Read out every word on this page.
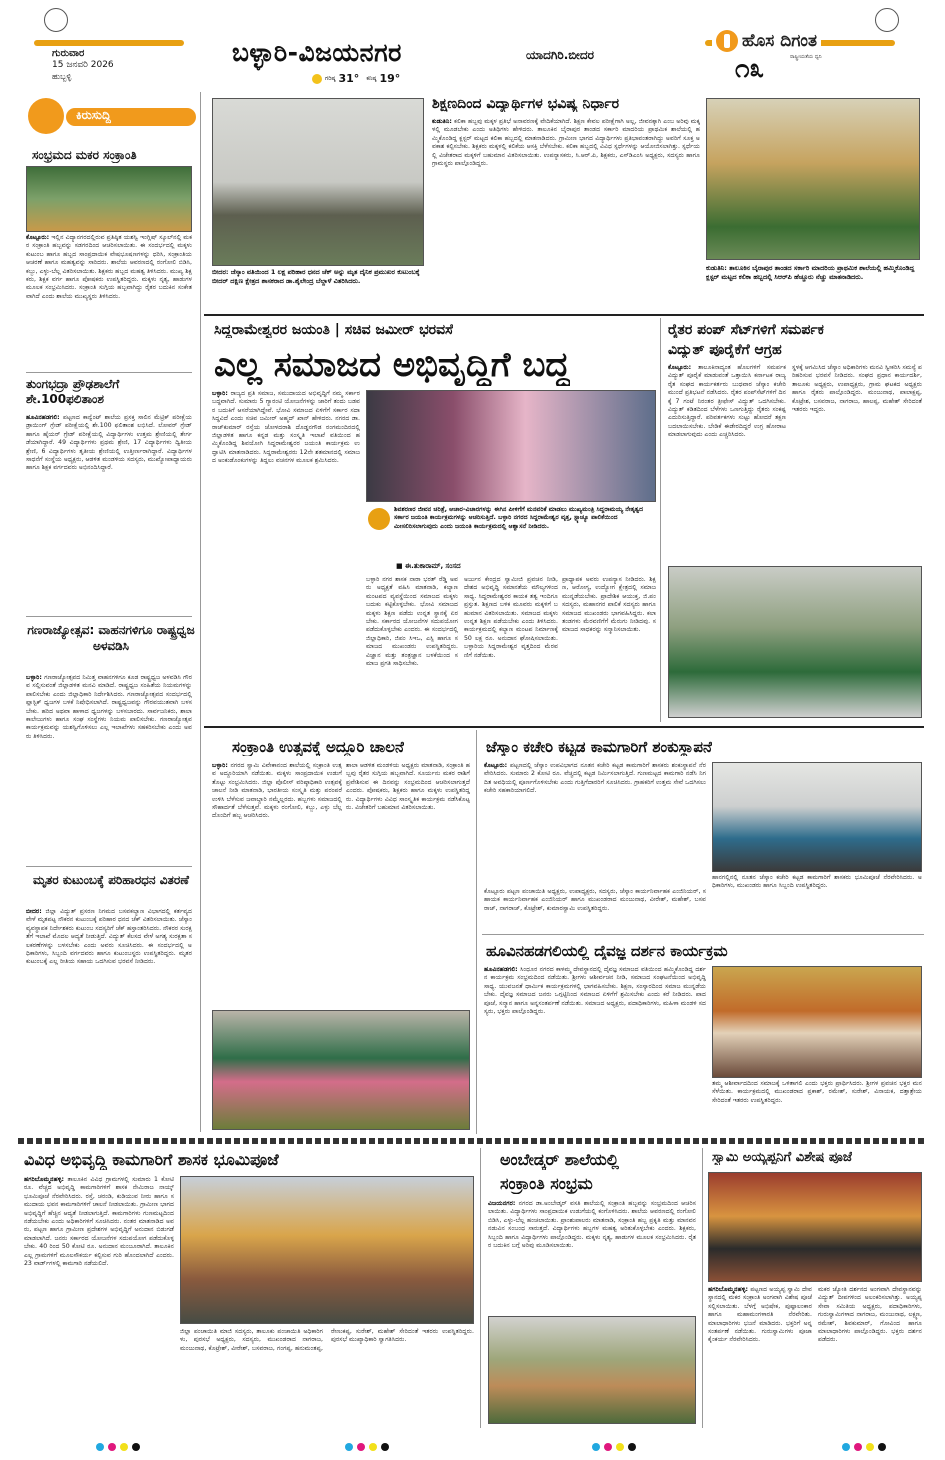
ಗುರುವಾರ
15 ಜನವರಿ 2026
ಹುಬ್ಬಳ್ಳಿ
ಬಳ್ಳಾರಿ-ವಿಜಯನಗರ	ಯಾದಗಿರಿ.ಬೀದರ
ಗರಿಷ್ಠ 31° ಕನಿಷ್ಠ 19°
ಹೊಸ ದಿಗಂತ
ರಾಷ್ಟ್ರೀಯತೆಯ ಧ್ವನಿ
೧೩
ಕಿರುಸುದ್ದಿ
ಸಂಭ್ರಮದ ಮಕರ ಸಂಕ್ರಾಂತಿ
ಕೊಟ್ಟೂರು: ಇಲ್ಲಿನ ವಿದ್ಯಾನಗರದಲ್ಲಿರುವ ಪ್ರತಿಷ್ಠಿತ ಯಶಸ್ವಿ ಇಂಗ್ಲಿಷ್ ಸ್ಕೂಲ್‌ನಲ್ಲಿ ಮಕರ ಸಂಕ್ರಾಂತಿ ಹಬ್ಬವನ್ನು ಸಡಗರದಿಂದ ಆಚರಿಸಲಾಯಿತು. ಈ ಸಂದರ್ಭದಲ್ಲಿ ಮಕ್ಕಳು ಕುಟುಂಬ ಹಾಗೂ ಹಬ್ಬದ ಸಾಂಪ್ರದಾಯಿಕ ವೇಷಭೂಷಣಗಳನ್ನು ಧರಿಸಿ, ಸಂಕ್ರಾಂತಿಯ ಆಚರಣೆ ಹಾಗೂ ಮಹತ್ವವನ್ನು ಸಾರಿದರು. ಶಾಲೆಯ ಆವರಣದಲ್ಲಿ ರಂಗೋಲಿ ಬಿಡಿಸಿ, ಕಬ್ಬು, ಎಳ್ಳು-ಬೆಲ್ಲ ವಿತರಿಸಲಾಯಿತು. ಶಿಕ್ಷಕರು ಹಬ್ಬದ ಮಹತ್ವ ತಿಳಿಸಿದರು. ಮುಖ್ಯ ಶಿಕ್ಷಕರು, ಶಿಕ್ಷಕ ವರ್ಗ ಹಾಗೂ ಪೋಷಕರು ಉಪಸ್ಥಿತರಿದ್ದರು. ಮಕ್ಕಳು ನೃತ್ಯ, ಹಾಡುಗಳ ಮೂಲಕ ಸಂಭ್ರಮಿಸಿದರು. ಸಂಕ್ರಾಂತಿ ಸುಗ್ಗಿಯ ಹಬ್ಬವಾಗಿದ್ದು ರೈತರ ಬದುಕಿನ ಸಂಕೇತವಾಗಿದೆ ಎಂದು ಶಾಲೆಯ ಮುಖ್ಯಸ್ಥರು ತಿಳಿಸಿದರು.
ತುಂಗಭದ್ರಾ ಪ್ರೌಢಶಾಲೆಗೆ ಶೇ.100ಫಲಿತಾಂಶ
ಹೂವಿನಹಡಗಲಿ: ಪಟ್ಟಣದ ಕಾನ್ವೆಂಟ್ ಶಾಲೆಯ ಪ್ರಸಕ್ತ ಸಾಲಿನ ಮೆಟ್ರಿಕ್ ಪರೀಕ್ಷೆಯ ಡ್ರಾಯಿಂಗ್ ಗ್ರೇಡ್ ಪರೀಕ್ಷೆಯಲ್ಲಿ ಶೇ.100 ಫಲಿತಾಂಶ ಲಭಿಸಿದೆ. ಲೋವರ್ ಗ್ರೇಡ್ ಹಾಗೂ ಹೈಯರ್ ಗ್ರೇಡ್ ಪರೀಕ್ಷೆಯಲ್ಲಿ ವಿದ್ಯಾರ್ಥಿಗಳು ಉತ್ತಮ ಶ್ರೇಣಿಯಲ್ಲಿ ತೇರ್ಗಡೆಯಾಗಿದ್ದಾರೆ. 49 ವಿದ್ಯಾರ್ಥಿಗಳು ಪ್ರಥಮ ಶ್ರೇಣಿ, 17 ವಿದ್ಯಾರ್ಥಿಗಳು ದ್ವಿತೀಯ ಶ್ರೇಣಿ, 6 ವಿದ್ಯಾರ್ಥಿಗಳು ತೃತೀಯ ಶ್ರೇಣಿಯಲ್ಲಿ ಉತ್ತೀರ್ಣರಾಗಿದ್ದಾರೆ. ವಿದ್ಯಾರ್ಥಿಗಳ ಸಾಧನೆಗೆ ಸಂಸ್ಥೆಯ ಅಧ್ಯಕ್ಷರು, ಆಡಳಿತ ಮಂಡಳಿಯ ಸದಸ್ಯರು, ಮುಖ್ಯೋಪಾಧ್ಯಾಯರು ಹಾಗೂ ಶಿಕ್ಷಕ ವರ್ಗದವರು ಅಭಿನಂದಿಸಿದ್ದಾರೆ.
ಗಣರಾಜ್ಯೋತ್ಸವ: ವಾಹನಗಳಿಗೂ ರಾಷ್ಟ್ರಧ್ವಜ ಅಳವಡಿಸಿ
ಬಳ್ಳಾರಿ: ಗಣರಾಜ್ಯೋತ್ಸವದ ನಿಮಿತ್ತ ವಾಹನಗಳಿಗೂ ಕೂಡ ರಾಷ್ಟ್ರಧ್ವಜ ಅಳವಡಿಸಿ ಗೌರವ ಸಲ್ಲಿಸುವಂತೆ ಜಿಲ್ಲಾಡಳಿತ ಮನವಿ ಮಾಡಿದೆ. ರಾಷ್ಟ್ರಧ್ವಜ ಸಂಹಿತೆಯ ನಿಯಮಗಳನ್ನು ಪಾಲಿಸಬೇಕು ಎಂದು ಜಿಲ್ಲಾಧಿಕಾರಿ ನಿರ್ದೇಶಿಸಿದರು. ಗಣರಾಜ್ಯೋತ್ಸವದ ಸಂದರ್ಭದಲ್ಲಿ ಪ್ಲಾಸ್ಟಿಕ್ ಧ್ವಜಗಳ ಬಳಕೆ ನಿಷೇಧಿಸಲಾಗಿದೆ. ರಾಷ್ಟ್ರಧ್ವಜವನ್ನು ಗೌರವಯುತವಾಗಿ ಬಳಸಬೇಕು. ಹರಿದ ಅಥವಾ ಹಾಳಾದ ಧ್ವಜಗಳನ್ನು ಬಳಸಬಾರದು. ಸಾರ್ವಜನಿಕರು, ಶಾಲಾ ಕಾಲೇಜುಗಳು ಹಾಗೂ ಸಂಘ ಸಂಸ್ಥೆಗಳು ನಿಯಮ ಪಾಲಿಸಬೇಕು. ಗಣರಾಜ್ಯೋತ್ಸವ ಕಾರ್ಯಕ್ರಮವನ್ನು ಯಶಸ್ವಿಗೊಳಿಸಲು ಎಲ್ಲ ಇಲಾಖೆಗಳು ಸಹಕರಿಸಬೇಕು ಎಂದು ಅವರು ತಿಳಿಸಿದರು.
ಮೃತರ ಕುಟುಂಬಕ್ಕೆ ಪರಿಹಾರಧನ ವಿತರಣೆ
ಬೀದರ: ಜಿಲ್ಲಾ ವಿದ್ಯುತ್ ಪ್ರಸರಣ ನಿಗಮದ ಬಸವಕಲ್ಯಾಣ ವಿಭಾಗದಲ್ಲಿ ಕರ್ತವ್ಯದ ವೇಳೆ ಮೃತಪಟ್ಟ ನೌಕರನ ಕುಟುಂಬಕ್ಕೆ ಪರಿಹಾರ ಧನದ ಚೆಕ್ ವಿತರಿಸಲಾಯಿತು. ಜೆಸ್ಕಾಂ ವ್ಯವಸ್ಥಾಪಕ ನಿರ್ದೇಶಕರು ಕುಟುಂಬ ಸದಸ್ಯರಿಗೆ ಚೆಕ್ ಹಸ್ತಾಂತರಿಸಿದರು. ನೌಕರರ ಸುರಕ್ಷತೆಗೆ ಇಲಾಖೆ ಮೊದಲ ಆದ್ಯತೆ ನೀಡುತ್ತಿದೆ. ವಿದ್ಯುತ್ ಕೆಲಸದ ವೇಳೆ ಅಗತ್ಯ ಸುರಕ್ಷತಾ ಸಲಕರಣೆಗಳನ್ನು ಬಳಸಬೇಕು ಎಂದು ಅವರು ಸೂಚಿಸಿದರು. ಈ ಸಂದರ್ಭದಲ್ಲಿ ಅಧಿಕಾರಿಗಳು, ಸಿಬ್ಬಂದಿ ವರ್ಗದವರು ಹಾಗೂ ಕುಟುಂಬಸ್ಥರು ಉಪಸ್ಥಿತರಿದ್ದರು. ಮೃತರ ಕುಟುಂಬಕ್ಕೆ ಎಲ್ಲ ರೀತಿಯ ಸಹಾಯ ಒದಗಿಸುವ ಭರವಸೆ ನೀಡಿದರು.
ಬೀದರ: ಜೆಸ್ಕಾಂ ವತಿಯಿಂದ 1 ಲಕ್ಷ ಪರಿಹಾರ ಧನದ ಚೆಕ್ ಅನ್ನು ಮೃತ ದೈನಿಕ ಪ್ರಮುಖರ ಕುಟುಂಬಕ್ಕೆ ಬೀದರ್ ದಕ್ಷಿಣ ಕ್ಷೇತ್ರದ ಶಾಸಕರಾದ ಡಾ.ಶೈಲೇಂದ್ರ ಬೆಲ್ದಾಳೆ ವಿತರಿಸಿದರು.
ಶಿಕ್ಷಣದಿಂದ ವಿದ್ಯಾರ್ಥಿಗಳ ಭವಿಷ್ಯ ನಿರ್ಧಾರ
ಕುಡುತಿನಿ: ಕಲಿಕಾ ಹಬ್ಬವು ಮಕ್ಕಳ ಪ್ರತಿಭೆ ಅನಾವರಣಕ್ಕೆ ವೇದಿಕೆಯಾಗಿದೆ. ಶಿಕ್ಷಣ ಕೇವಲ ಪರೀಕ್ಷೆಗಾಗಿ ಅಲ್ಲ, ಜೀವನಕ್ಕಾಗಿ ಎಂಬ ಅರಿವು ಮಕ್ಕಳಲ್ಲಿ ಮೂಡಬೇಕು ಎಂದು ಅತಿಥಿಗಳು ಹೇಳಿದರು. ತಾಲೂಕಿನ ಬೈರಾಪುರ ತಾಂಡದ ಸರ್ಕಾರಿ ಮಾದರಿಯ ಪ್ರಾಥಮಿಕ ಶಾಲೆಯಲ್ಲಿ ಹಮ್ಮಿಕೊಂಡಿದ್ದ ಕ್ಲಸ್ಟರ್ ಮಟ್ಟದ ಕಲಿಕಾ ಹಬ್ಬದಲ್ಲಿ ಮಾತನಾಡಿದರು. ಗ್ರಾಮೀಣ ಭಾಗದ ವಿದ್ಯಾರ್ಥಿಗಳು ಪ್ರತಿಭಾವಂತರಾಗಿದ್ದು ಅವರಿಗೆ ಸೂಕ್ತ ಅವಕಾಶ ಕಲ್ಪಿಸಬೇಕು. ಶಿಕ್ಷಕರು ಮಕ್ಕಳಲ್ಲಿ ಕಲಿಕೆಯ ಆಸಕ್ತಿ ಬೆಳೆಸಬೇಕು. ಕಲಿಕಾ ಹಬ್ಬದಲ್ಲಿ ವಿವಿಧ ಸ್ಪರ್ಧೆಗಳನ್ನು ಆಯೋಜಿಸಲಾಗಿತ್ತು. ಸ್ಪರ್ಧೆಯಲ್ಲಿ ವಿಜೇತರಾದ ಮಕ್ಕಳಿಗೆ ಬಹುಮಾನ ವಿತರಿಸಲಾಯಿತು. ಉಪನ್ಯಾಸಕರು, ಸಿ.ಆರ್.ಪಿ, ಶಿಕ್ಷಕರು, ಎಸ್‌ಡಿಎಂಸಿ ಅಧ್ಯಕ್ಷರು, ಸದಸ್ಯರು ಹಾಗೂ ಗ್ರಾಮಸ್ಥರು ಪಾಲ್ಗೊಂಡಿದ್ದರು.
ಕುಡುತಿನಿ: ತಾಲೂಕಿನ ಬೈರಾಪುರ ತಾಂಡದ ಸರ್ಕಾರಿ ಮಾದರಿಯ ಪ್ರಾಥಮಿಕ ಶಾಲೆಯಲ್ಲಿ ಹಮ್ಮಿಕೊಂಡಿದ್ದ ಕ್ಲಸ್ಟರ್ ಮಟ್ಟದ ಕಲಿಕಾ ಹಬ್ಬದಲ್ಲಿ ಸಿಆರ್‌ಪಿ ಹೆಚ್ಚೂರು ನೆಚ್ಚು ಮಾತನಾಡಿದರು.
ಸಿದ್ದರಾಮೇಶ್ವರರ ಜಯಂತಿ | ಸಚಿವ ಜಮೀರ್ ಭರವಸೆ
ಎಲ್ಲ ಸಮಾಜದ ಅಭಿವೃದ್ಧಿಗೆ ಬದ್ಧ
ಬಳ್ಳಾರಿ: ರಾಜ್ಯದ ಪ್ರತಿ ಸಮಾಜ, ಸಮುದಾಯದ ಅಭಿವೃದ್ಧಿಗೆ ನಮ್ಮ ಸರ್ಕಾರ ಬದ್ಧವಾಗಿದೆ. ಸುಮಾರು 5 ಗ್ಯಾರಂಟಿ ಯೋಜನೆಗಳನ್ನು ಜಾರಿಗೆ ತಂದು ಬಡವರ ಬದುಕಿಗೆ ಆಸರೆಯಾಗಿದ್ದೇವೆ. ಭೋವಿ ಸಮಾಜದ ಏಳಿಗೆಗೆ ಸರ್ಕಾರ ಸದಾ ಸಿದ್ಧವಿದೆ ಎಂದು ಸಚಿವ ಜಮೀರ್ ಅಹ್ಮದ್ ಖಾನ್ ಹೇಳಿದರು. ನಗರದ ಡಾ.ರಾಜ್‌ಕುಮಾರ್ ರಸ್ತೆಯ ಜೋಳದರಾಶಿ ದೊಡ್ಡನಗೌಡ ರಂಗಮಂದಿರದಲ್ಲಿ ಜಿಲ್ಲಾಡಳಿತ ಹಾಗೂ ಕನ್ನಡ ಮತ್ತು ಸಂಸ್ಕೃತಿ ಇಲಾಖೆ ವತಿಯಿಂದ ಹಮ್ಮಿಕೊಂಡಿದ್ದ ಶಿವಯೋಗಿ ಸಿದ್ದರಾಮೇಶ್ವರರ ಜಯಂತಿ ಕಾರ್ಯಕ್ರಮ ಉದ್ಘಾಟಿಸಿ ಮಾತನಾಡಿದರು. ಸಿದ್ದರಾಮೇಶ್ವರರು 12ನೇ ಶತಮಾನದಲ್ಲಿ ಸಮಾಜದ ಅಂಕುಡೊಂಕುಗಳನ್ನು ತಿದ್ದಲು ವಚನಗಳ ಮೂಲಕ ಶ್ರಮಿಸಿದರು.
ಶಿವಶರಣರ ಜೀವನ ಚರಿತ್ರೆ, ಆಚಾರ-ವಿಚಾರಗಳನ್ನು ಈಗಿನ ಪೀಳಿಗೆಗೆ ಮನವರಿಕೆ ಮಾಡಲು ಮುಖ್ಯಮಂತ್ರಿ ಸಿದ್ದರಾಮಯ್ಯ ನೇತೃತ್ವದ ಸರ್ಕಾರ ಜಯಂತಿ ಕಾರ್ಯಕ್ರಮಗಳನ್ನು ಆಚರಿಸುತ್ತಿದೆ. ಬಳ್ಳಾರಿ ನಗರದ ಸಿದ್ದರಾಮೇಶ್ವರ ವೃತ್ತ, ಸ್ಟ್ಯಾಚ್ಯೂ ಪಾಲಿಕೆಯಿಂದ ಮೀಸಲಿರಿಸಲಾಗುವುದು ಎಂದು ಜಯಂತಿ ಕಾರ್ಯಕ್ರಮದಲ್ಲಿ ಆಶ್ವಾಸನೆ ನೀಡಿದರು.
■ ಈ.ತುಕಾರಾಮ್, ಸಂಸದ
ಬಳ್ಳಾರಿ ನಗರ ಶಾಸಕ ನಾರಾ ಭರತ್ ರೆಡ್ಡಿ ಅವರು ಅಧ್ಯಕ್ಷತೆ ವಹಿಸಿ ಮಾತನಾಡಿ, ಕಲ್ಯಾಣ ಮಂಟಪದ ವ್ಯವಸ್ಥೆಯಿಂದ ಸಮಾಜದ ಮಕ್ಕಳು ಬದುಕು ಕಟ್ಟಿಕೊಳ್ಳಬೇಕು. ಭೋವಿ ಸಮಾಜದ ಮಕ್ಕಳು ಶಿಕ್ಷಣ ಪಡೆದು ಉನ್ನತ ಸ್ಥಾನಕ್ಕೆ ಏರಬೇಕು. ಸರ್ಕಾರದ ಯೋಜನೆಗಳ ಸದುಪಯೋಗ ಪಡೆದುಕೊಳ್ಳಬೇಕು ಎಂದರು. ಈ ಸಂದರ್ಭದಲ್ಲಿ ಜಿಲ್ಲಾಧಿಕಾರಿ, ಜಿಪಂ ಸಿಇಒ, ಎಸ್ಪಿ ಹಾಗೂ ಸಮಾಜದ ಮುಖಂಡರು ಉಪಸ್ಥಿತರಿದ್ದರು. ವಿಜ್ಞಾನ ಮತ್ತು ತಂತ್ರಜ್ಞಾನ ಬಳಕೆಯಿಂದ ಸಮಾಜ ಪ್ರಗತಿ ಸಾಧಿಸಬೇಕು.
ಅರ್ಜುನ ಕೇಂದ್ರದ ಸ್ವಾಮೀಜಿ ಪ್ರವಚನ ನೀಡಿ, ದೇಶದ ಅಭಿವೃದ್ಧಿ ಸಮಾನತೆಯ ಮೌಲ್ಯಗಳಿಂದ ಸಾಧ್ಯ. ಸಿದ್ದರಾಮೇಶ್ವರರ ಕಾಯಕ ತತ್ವ ಇಂದಿಗೂ ಪ್ರಸ್ತುತ. ಶಿಕ್ಷಣದ ಬಳಿಕ ಮೂವರು ಮಕ್ಕಳಿಗೆ ಬಹುಮಾನ ವಿತರಿಸಲಾಯಿತು. ಸಮಾಜದ ಮಕ್ಕಳು ಉನ್ನತ ಶಿಕ್ಷಣ ಪಡೆಯಬೇಕು ಎಂದು ತಿಳಿಸಿದರು. ಕಾರ್ಯಕ್ರಮದಲ್ಲಿ ಕಲ್ಯಾಣ ಮಂಟಪ ನಿರ್ಮಾಣಕ್ಕೆ 50 ಲಕ್ಷ ರೂ. ಅನುದಾನ ಘೋಷಿಸಲಾಯಿತು. ಬಳ್ಳಾರಿಯ ಸಿದ್ದರಾಮೇಶ್ವರ ವೃತ್ತದಿಂದ ಮೆರವಣಿಗೆ ನಡೆಯಿತು.
ಪ್ರಾಧ್ಯಾಪಕ ಅವರು ಉಪನ್ಯಾಸ ನೀಡಿದರು. ಶಿಕ್ಷಣ, ಆರೋಗ್ಯ, ಉದ್ಯೋಗ ಕ್ಷೇತ್ರದಲ್ಲಿ ಸಮಾಜ ಮುನ್ನಡೆಯಬೇಕು. ಪ್ರಾದೇಶಿಕ ಆಯುಕ್ತ, ಜಿ.ಪಂ ಸದಸ್ಯರು, ಮಹಾನಗರ ಪಾಲಿಕೆ ಸದಸ್ಯರು ಹಾಗೂ ಸಮಾಜದ ಮುಖಂಡರು ಭಾಗವಹಿಸಿದ್ದರು. ಕಲಾ ತಂಡಗಳು ಮೆರವಣಿಗೆಗೆ ಮೆರುಗು ನೀಡಿದವು. ಸಮಾಜದ ಸಾಧಕರನ್ನು ಸನ್ಮಾನಿಸಲಾಯಿತು.
ರೈತರ ಪಂಪ್ ಸೆಟ್‌ಗಳಿಗೆ ಸಮರ್ಪಕ
ವಿದ್ಯುತ್ ಪೂರೈಕೆಗೆ ಆಗ್ರಹ
ಕೊಟ್ಟೂರು: ತಾಲೂಕಿನಾದ್ಯಂತ ಹೊಲಗಳಿಗೆ ಸಮರ್ಪಕ ವಿದ್ಯುತ್ ಪೂರೈಕೆ ಮಾಡುವಂತೆ ಒತ್ತಾಯಿಸಿ ಕರ್ನಾಟಕ ರಾಜ್ಯ ರೈತ ಸಂಘದ ಕಾರ್ಯಕರ್ತರು ಬುಧವಾರ ಜೆಸ್ಕಾಂ ಕಚೇರಿ ಮುಂದೆ ಪ್ರತಿಭಟನೆ ನಡೆಸಿದರು. ರೈತರ ಪಂಪ್‌ಸೆಟ್‌ಗಳಿಗೆ ದಿನಕ್ಕೆ 7 ಗಂಟೆ ನಿರಂತರ ತ್ರೀಫೇಸ್ ವಿದ್ಯುತ್ ಒದಗಿಸಬೇಕು. ವಿದ್ಯುತ್ ಕಡಿತದಿಂದ ಬೆಳೆಗಳು ಒಣಗುತ್ತಿದ್ದು ರೈತರು ಸಂಕಷ್ಟ ಎದುರಿಸುತ್ತಿದ್ದಾರೆ. ಪರಿವರ್ತಕಗಳು ಸುಟ್ಟು ಹೋದರೆ ತಕ್ಷಣ ಬದಲಾಯಿಸಬೇಕು. ಬೇಡಿಕೆ ಈಡೇರದಿದ್ದರೆ ಉಗ್ರ ಹೋರಾಟ ಮಾಡಲಾಗುವುದು ಎಂದು ಎಚ್ಚರಿಸಿದರು.
ಸ್ಥಳಕ್ಕೆ ಆಗಮಿಸಿದ ಜೆಸ್ಕಾಂ ಅಧಿಕಾರಿಗಳು ಮನವಿ ಸ್ವೀಕರಿಸಿ ಸಮಸ್ಯೆ ಪರಿಹರಿಸುವ ಭರವಸೆ ನೀಡಿದರು. ಸಂಘದ ಪ್ರಧಾನ ಕಾರ್ಯದರ್ಶಿ, ತಾಲೂಕು ಅಧ್ಯಕ್ಷರು, ಉಪಾಧ್ಯಕ್ಷರು, ಗ್ರಾಮ ಘಟಕದ ಅಧ್ಯಕ್ಷರು ಹಾಗೂ ರೈತರು ಪಾಲ್ಗೊಂಡಿದ್ದರು. ಮಂಜುನಾಥ, ಪಾಲಾಕ್ಷಪ್ಪ, ಕೊಟ್ರೇಶ, ಬಸವರಾಜ, ನಾಗರಾಜ, ಹಾಲಪ್ಪ, ಮಹೇಶ್ ಸೇರಿದಂತೆ ಇತರರು ಇದ್ದರು.
ಸಂಕ್ರಾಂತಿ ಉತ್ಸವಕ್ಕೆ ಅದ್ದೂರಿ ಚಾಲನೆ
ಬಳ್ಳಾರಿ: ನಗರದ ಸ್ವಾಮಿ ವಿವೇಕಾನಂದ ಶಾಲೆಯಲ್ಲಿ ಸಂಕ್ರಾಂತಿ ಉತ್ಸವ ಅದ್ದೂರಿಯಾಗಿ ನಡೆಯಿತು. ಮಕ್ಕಳು ಸಾಂಪ್ರದಾಯಿಕ ಉಡುಗೆ ತೊಟ್ಟು ಸಂಭ್ರಮಿಸಿದರು. ಜಿಲ್ಲಾ ಪೊಲೀಸ್ ವರಿಷ್ಠಾಧಿಕಾರಿ ಉತ್ಸವಕ್ಕೆ ಚಾಲನೆ ನೀಡಿ ಮಾತನಾಡಿ, ಭಾರತೀಯ ಸಂಸ್ಕೃತಿ ಮತ್ತು ಪರಂಪರೆ ಉಳಿಸಿ ಬೆಳೆಸುವ ಜವಾಬ್ದಾರಿ ನಮ್ಮೆಲ್ಲರದು. ಹಬ್ಬಗಳು ಸಮಾಜದಲ್ಲಿ ಸೌಹಾರ್ದತೆ ಬೆಳೆಸುತ್ತವೆ. ಮಕ್ಕಳು ರಂಗೋಲಿ, ಕಬ್ಬು, ಎಳ್ಳು ಬೆಲ್ಲದೊಂದಿಗೆ ಹಬ್ಬ ಆಚರಿಸಿದರು.
ಶಾಲಾ ಆಡಳಿತ ಮಂಡಳಿಯ ಅಧ್ಯಕ್ಷರು ಮಾತನಾಡಿ, ಸಂಕ್ರಾಂತಿ ಹಬ್ಬವು ರೈತರ ಸುಗ್ಗಿಯ ಹಬ್ಬವಾಗಿದೆ. ಸೂರ್ಯನು ಮಕರ ರಾಶಿಗೆ ಪ್ರವೇಶಿಸುವ ಈ ದಿನವನ್ನು ಸಂಭ್ರಮದಿಂದ ಆಚರಿಸಲಾಗುತ್ತದೆ ಎಂದರು. ಪೋಷಕರು, ಶಿಕ್ಷಕರು ಹಾಗೂ ಮಕ್ಕಳು ಉಪಸ್ಥಿತರಿದ್ದರು. ವಿದ್ಯಾರ್ಥಿಗಳು ವಿವಿಧ ಸಾಂಸ್ಕೃತಿಕ ಕಾರ್ಯಕ್ರಮ ನಡೆಸಿಕೊಟ್ಟರು. ವಿಜೇತರಿಗೆ ಬಹುಮಾನ ವಿತರಿಸಲಾಯಿತು.
ಜೆಸ್ಕಾಂ ಕಚೇರಿ ಕಟ್ಟಡ ಕಾಮಗಾರಿಗೆ ಶಂಕುಸ್ಥಾಪನೆ
ಕೊಟ್ಟೂರು: ಪಟ್ಟಣದಲ್ಲಿ ಜೆಸ್ಕಾಂ ಉಪವಿಭಾಗದ ನೂತನ ಕಚೇರಿ ಕಟ್ಟಡ ಕಾಮಗಾರಿಗೆ ಶಾಸಕರು ಶಂಕುಸ್ಥಾಪನೆ ನೆರವೇರಿಸಿದರು. ಸುಮಾರು 2 ಕೋಟಿ ರೂ. ವೆಚ್ಚದಲ್ಲಿ ಕಟ್ಟಡ ನಿರ್ಮಿಸಲಾಗುತ್ತಿದೆ. ಗುಣಮಟ್ಟದ ಕಾಮಗಾರಿ ನಡೆಸಿ ನಿಗದಿತ ಅವಧಿಯಲ್ಲಿ ಪೂರ್ಣಗೊಳಿಸಬೇಕು ಎಂದು ಗುತ್ತಿಗೆದಾರರಿಗೆ ಸೂಚಿಸಿದರು. ಗ್ರಾಹಕರಿಗೆ ಉತ್ತಮ ಸೇವೆ ಒದಗಿಸಲು ಕಚೇರಿ ಸಹಕಾರಿಯಾಗಲಿದೆ.
ಹಾನಗಲ್ಲಿನಲ್ಲಿ ನೂತನ ಜೆಸ್ಕಾಂ ಕಚೇರಿ ಕಟ್ಟಡ ಕಾಮಗಾರಿಗೆ ಶಾಸಕರು ಭೂಮಿಪೂಜೆ ನೆರವೇರಿಸಿದರು. ಅಧಿಕಾರಿಗಳು, ಮುಖಂಡರು ಹಾಗೂ ಸಿಬ್ಬಂದಿ ಉಪಸ್ಥಿತರಿದ್ದರು.
ಕೊಟ್ಟೂರು ಪಟ್ಟಣ ಪಂಚಾಯಿತಿ ಅಧ್ಯಕ್ಷರು, ಉಪಾಧ್ಯಕ್ಷರು, ಸದಸ್ಯರು, ಜೆಸ್ಕಾಂ ಕಾರ್ಯನಿರ್ವಾಹಕ ಎಂಜಿನಿಯರ್, ಸಹಾಯಕ ಕಾರ್ಯನಿರ್ವಾಹಕ ಎಂಜಿನಿಯರ್ ಹಾಗೂ ಮುಖಂಡರಾದ ಮಂಜುನಾಥ, ವೀರೇಶ್, ಮಹೇಶ್, ಬಸವರಾಜ್, ನಾಗರಾಜ್, ಕೊಟ್ರೇಶ್, ಕುಮಾರಸ್ವಾಮಿ ಉಪಸ್ಥಿತರಿದ್ದರು.
ಹೂವಿನಹಡಗಲಿಯಲ್ಲಿ ದೈವಜ್ಞ ದರ್ಶನ ಕಾರ್ಯಕ್ರಮ
ಹೂವಿನಹಡಗಲಿ: ಸಿಂಧೂರ ನಗರದ ಕಾಳಮ್ಮ ದೇವಸ್ಥಾನದಲ್ಲಿ ದೈವಜ್ಞ ಸಮಾಜದ ವತಿಯಿಂದ ಹಮ್ಮಿಕೊಂಡಿದ್ದ ದರ್ಶನ ಕಾರ್ಯಕ್ರಮ ಸಂಭ್ರಮದಿಂದ ನಡೆಯಿತು. ಶ್ರೀಗಳು ಆಶೀರ್ವಚನ ನೀಡಿ, ಸಮಾಜದ ಸಂಘಟನೆಯಿಂದ ಅಭಿವೃದ್ಧಿ ಸಾಧ್ಯ. ಯುವಜನತೆ ಧಾರ್ಮಿಕ ಕಾರ್ಯಕ್ರಮಗಳಲ್ಲಿ ಭಾಗವಹಿಸಬೇಕು. ಶಿಕ್ಷಣ, ಸಂಸ್ಕಾರದಿಂದ ಸಮಾಜ ಮುನ್ನಡೆಯಬೇಕು. ದೈವಜ್ಞ ಸಮಾಜದ ಜನರು ಒಗ್ಗಟ್ಟಿನಿಂದ ಸಮಾಜದ ಏಳಿಗೆಗೆ ಶ್ರಮಿಸಬೇಕು ಎಂದು ಕರೆ ನೀಡಿದರು. ಪಾದಪೂಜೆ, ಸನ್ಮಾನ ಹಾಗೂ ಅನ್ನಸಂತರ್ಪಣೆ ನಡೆಯಿತು. ಸಮಾಜದ ಅಧ್ಯಕ್ಷರು, ಪದಾಧಿಕಾರಿಗಳು, ಮಹಿಳಾ ಮಂಡಳಿ ಸದಸ್ಯರು, ಭಕ್ತರು ಪಾಲ್ಗೊಂಡಿದ್ದರು.
ತಮ್ಮ ಆಶೀರ್ವಾದದಿಂದ ಸಮಾಜಕ್ಕೆ ಒಳಿತಾಗಲಿ ಎಂದು ಭಕ್ತರು ಪ್ರಾರ್ಥಿಸಿದರು. ಶ್ರೀಗಳ ಪ್ರವಚನ ಭಕ್ತರ ಮನ ಸೆಳೆಯಿತು. ಕಾರ್ಯಕ್ರಮದಲ್ಲಿ ಮುಖಂಡರಾದ ಪ್ರಕಾಶ್, ರಮೇಶ್, ಸುರೇಶ್, ವಿನಾಯಕ, ದತ್ತಾತ್ರೇಯ ಸೇರಿದಂತೆ ಇತರರು ಉಪಸ್ಥಿತರಿದ್ದರು.
ವಿವಿಧ ಅಭಿವೃದ್ಧಿ ಕಾಮಗಾರಿಗೆ ಶಾಸಕ ಭೂಮಿಪೂಜೆ
ಹಗರಿಬೊಮ್ಮನಹಳ್ಳಿ: ತಾಲೂಕಿನ ವಿವಿಧ ಗ್ರಾಮಗಳಲ್ಲಿ ಸುಮಾರು 1 ಕೋಟಿ ರೂ. ವೆಚ್ಚದ ಅಭಿವೃದ್ಧಿ ಕಾಮಗಾರಿಗಳಿಗೆ ಶಾಸಕ ನೇಮಿರಾಜ ನಾಯ್ಕ್ ಭೂಮಿಪೂಜೆ ನೆರವೇರಿಸಿದರು. ರಸ್ತೆ, ಚರಂಡಿ, ಕುಡಿಯುವ ನೀರು ಹಾಗೂ ಸಮುದಾಯ ಭವನ ಕಾಮಗಾರಿಗಳಿಗೆ ಚಾಲನೆ ನೀಡಲಾಯಿತು. ಗ್ರಾಮೀಣ ಭಾಗದ ಅಭಿವೃದ್ಧಿಗೆ ಹೆಚ್ಚಿನ ಆದ್ಯತೆ ನೀಡಲಾಗುತ್ತಿದೆ. ಕಾಮಗಾರಿಗಳು ಗುಣಮಟ್ಟದಿಂದ ನಡೆಯಬೇಕು ಎಂದು ಅಧಿಕಾರಿಗಳಿಗೆ ಸೂಚಿಸಿದರು. ನಂತರ ಮಾತನಾಡಿದ ಅವರು, ಪಟ್ಟಣ ಹಾಗೂ ಗ್ರಾಮೀಣ ಪ್ರದೇಶಗಳ ಅಭಿವೃದ್ಧಿಗೆ ಅನುದಾನ ಬಿಡುಗಡೆ ಮಾಡಲಾಗಿದೆ. ಜನರು ಸರ್ಕಾರದ ಯೋಜನೆಗಳ ಸದುಪಯೋಗ ಪಡೆದುಕೊಳ್ಳಬೇಕು. 40 ರಿಂದ 50 ಕೋಟಿ ರೂ. ಅನುದಾನ ಮಂಜೂರಾಗಿದೆ. ತಾಲೂಕಿನ ಎಲ್ಲ ಗ್ರಾಮಗಳಿಗೆ ಮೂಲಸೌಕರ್ಯ ಕಲ್ಪಿಸುವ ಗುರಿ ಹೊಂದಲಾಗಿದೆ ಎಂದರು. 23 ವಾರ್ಡ್‌ಗಳಲ್ಲಿ ಕಾಮಗಾರಿ ನಡೆಯಲಿದೆ.
ಜಿಲ್ಲಾ ಪಂಚಾಯಿತಿ ಮಾಜಿ ಸದಸ್ಯರು, ತಾಲೂಕು ಪಂಚಾಯಿತಿ ಅಧಿಕಾರಿಗಳು, ಪುರಸಭೆ ಅಧ್ಯಕ್ಷರು, ಸದಸ್ಯರು, ಮುಖಂಡರಾದ ನಾಗರಾಜ, ಮಂಜುನಾಥ, ಕೊಟ್ರೇಶ್, ವೀರೇಶ್, ಬಸವರಾಜ, ಗಂಗಪ್ಪ, ಹನುಮಂತಪ್ಪ, ರೇಣುಕಪ್ಪ, ಸುರೇಶ್, ಮಹೇಶ್ ಸೇರಿದಂತೆ ಇತರರು ಉಪಸ್ಥಿತರಿದ್ದರು. ಪುರಸಭೆ ಮುಖ್ಯಾಧಿಕಾರಿ ಸ್ವಾಗತಿಸಿದರು.
ಅಂಬೇಡ್ಕರ್ ಶಾಲೆಯಲ್ಲಿ
ಸಂಕ್ರಾಂತಿ ಸಂಭ್ರಮ
ವಿಜಯನಗರ: ನಗರದ ಡಾ.ಅಂಬೇಡ್ಕರ್ ವಸತಿ ಶಾಲೆಯಲ್ಲಿ ಸಂಕ್ರಾಂತಿ ಹಬ್ಬವನ್ನು ಸಂಭ್ರಮದಿಂದ ಆಚರಿಸಲಾಯಿತು. ವಿದ್ಯಾರ್ಥಿಗಳು ಸಾಂಪ್ರದಾಯಿಕ ಉಡುಗೆಯಲ್ಲಿ ಕಂಗೊಳಿಸಿದರು. ಶಾಲೆಯ ಆವರಣದಲ್ಲಿ ರಂಗೋಲಿ ಬಿಡಿಸಿ, ಎಳ್ಳು-ಬೆಲ್ಲ ಹಂಚಲಾಯಿತು. ಪ್ರಾಂಶುಪಾಲರು ಮಾತನಾಡಿ, ಸಂಕ್ರಾಂತಿ ಹಬ್ಬ ಪ್ರಕೃತಿ ಮತ್ತು ಮಾನವನ ನಡುವಿನ ಸಂಬಂಧ ಸಾರುತ್ತದೆ. ವಿದ್ಯಾರ್ಥಿಗಳು ಹಬ್ಬಗಳ ಮಹತ್ವ ಅರಿತುಕೊಳ್ಳಬೇಕು ಎಂದರು. ಶಿಕ್ಷಕರು, ಸಿಬ್ಬಂದಿ ಹಾಗೂ ವಿದ್ಯಾರ್ಥಿಗಳು ಪಾಲ್ಗೊಂಡಿದ್ದರು. ಮಕ್ಕಳು ನೃತ್ಯ, ಹಾಡುಗಳ ಮೂಲಕ ಸಂಭ್ರಮಿಸಿದರು. ರೈತರ ಬದುಕಿನ ಬಗ್ಗೆ ಅರಿವು ಮೂಡಿಸಲಾಯಿತು.
ಸ್ವಾಮಿ ಅಯ್ಯಪ್ಪನಿಗೆ ವಿಶೇಷ ಪೂಜೆ
ಹಗರಿಬೊಮ್ಮನಹಳ್ಳಿ: ಪಟ್ಟಣದ ಅಯ್ಯಪ್ಪ ಸ್ವಾಮಿ ದೇವಸ್ಥಾನದಲ್ಲಿ ಮಕರ ಸಂಕ್ರಾಂತಿ ಅಂಗವಾಗಿ ವಿಶೇಷ ಪೂಜೆ ಸಲ್ಲಿಸಲಾಯಿತು. ಬೆಳಗ್ಗೆ ಅಭಿಷೇಕ, ಪುಷ್ಪಾಲಂಕಾರ ಹಾಗೂ ಮಹಾಮಂಗಳಾರತಿ ನೆರವೇರಿತು. ಮಾಲಾಧಾರಿಗಳು ಭಜನೆ ಮಾಡಿದರು. ಭಕ್ತರಿಗೆ ಅನ್ನಸಂತರ್ಪಣೆ ನಡೆಯಿತು. ಗುರುಸ್ವಾಮಿಗಳು ಪೂಜಾ ಕೈಂಕರ್ಯ ನೆರವೇರಿಸಿದರು.
ಮಕರ ಜ್ಯೋತಿ ದರ್ಶನದ ಅಂಗವಾಗಿ ದೇವಸ್ಥಾನವನ್ನು ವಿದ್ಯುತ್ ದೀಪಗಳಿಂದ ಅಲಂಕರಿಸಲಾಗಿತ್ತು. ಅಯ್ಯಪ್ಪ ಸೇವಾ ಸಮಿತಿಯ ಅಧ್ಯಕ್ಷರು, ಪದಾಧಿಕಾರಿಗಳು, ಗುರುಸ್ವಾಮಿಗಳಾದ ನಾಗರಾಜ, ಮಂಜುನಾಥ, ಲಕ್ಷ್ಮಣ, ರಮೇಶ್, ಶಿವಕುಮಾರ್, ಗೋವಿಂದ ಹಾಗೂ ಮಾಲಾಧಾರಿಗಳು ಪಾಲ್ಗೊಂಡಿದ್ದರು. ಭಕ್ತರು ದರ್ಶನ ಪಡೆದರು.
